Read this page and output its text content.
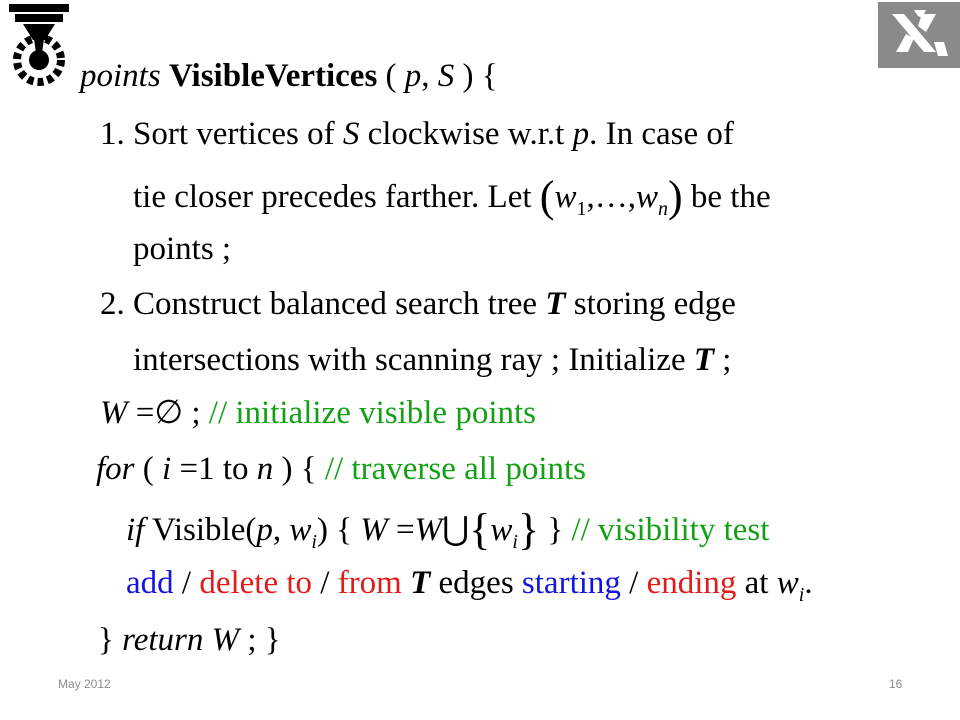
points VisibleVertices ( p, S ) {
1. Sort vertices of S clockwise w.r.t p. In case of
tie closer precedes farther. Let $(w_1,\dots,w_n)$ be the
points ;
2. Construct balanced search tree T storing edge
intersections with scanning ray ; Initialize T ;
W =∅ ; // initialize visible points
for ( i =1 to n ) { // traverse all points
if Visible(p, $w_i$) { $W =W⋃\{w_i\}$ } // visibility test
add / delete to / from T edges starting / ending at $w_i$.
} return W ; }
May 2012	16
